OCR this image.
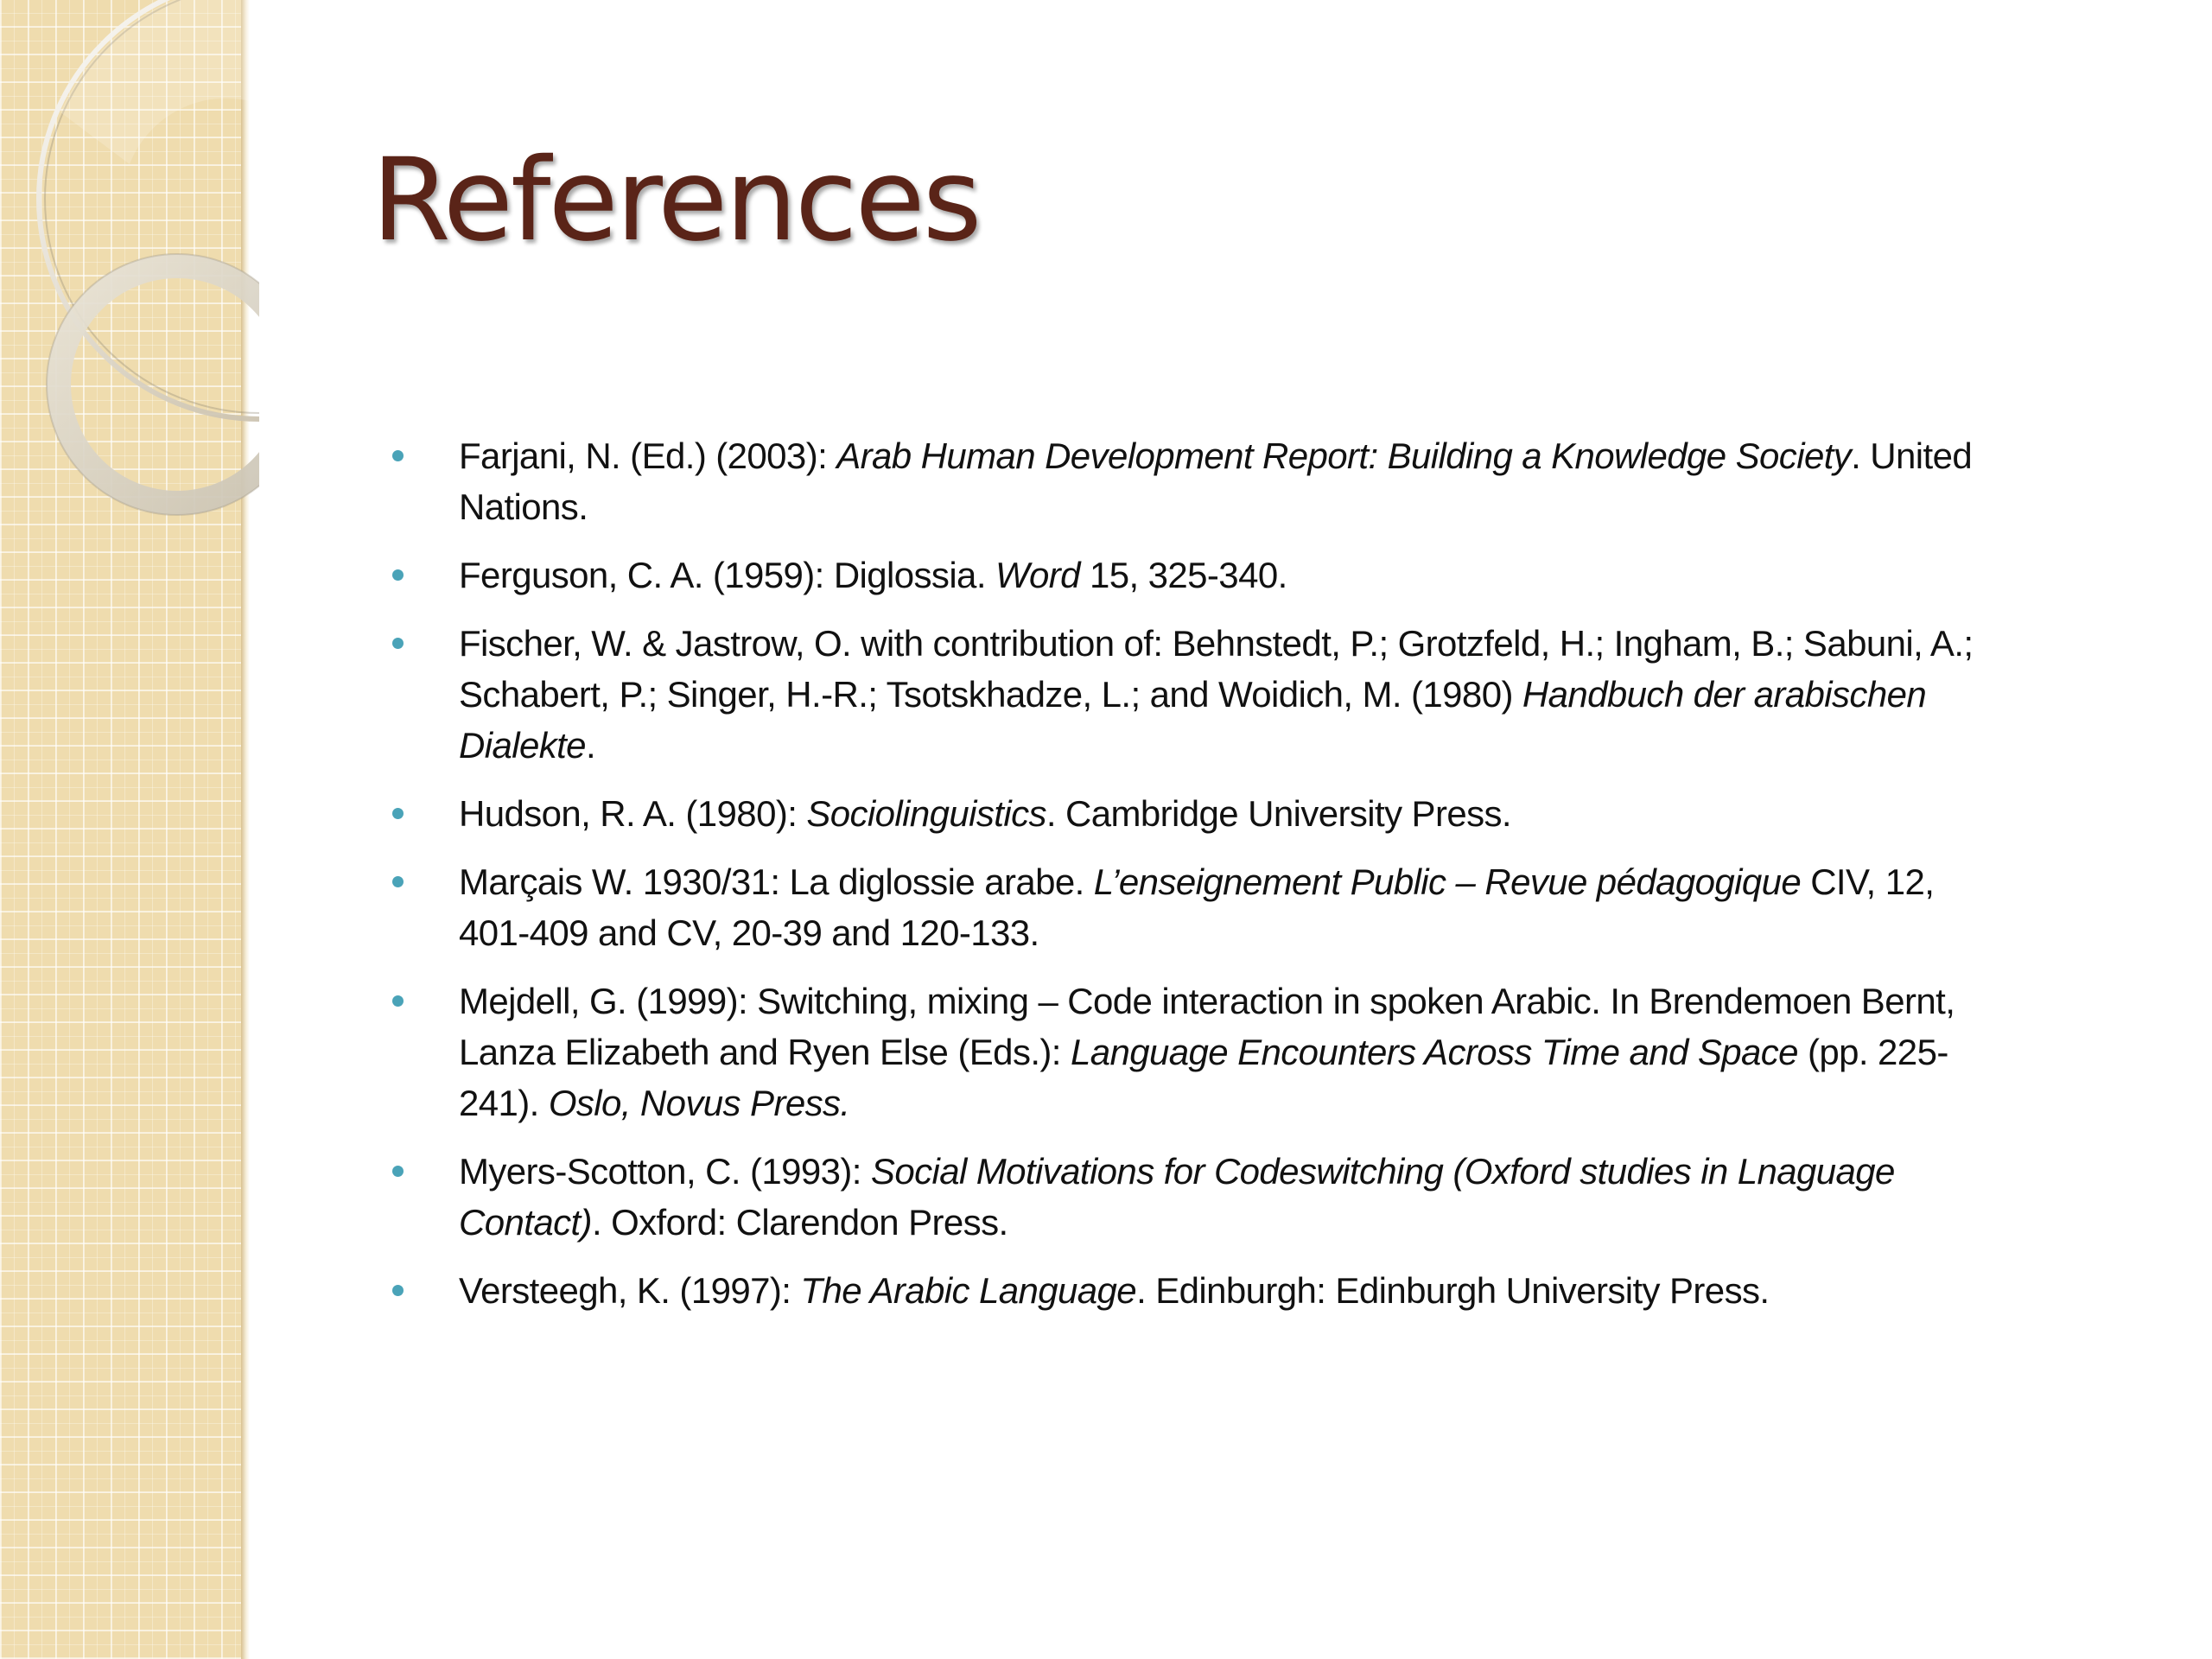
References
Farjani, N. (Ed.) (2003): Arab Human Development Report: Building a Knowledge Society. United Nations.
Ferguson, C. A. (1959): Diglossia. Word 15, 325-340.
Fischer, W. & Jastrow, O. with contribution of: Behnstedt, P.; Grotzfeld, H.; Ingham, B.; Sabuni, A.; Schabert, P.; Singer, H.-R.; Tsotskhadze, L.; and Woidich, M. (1980) Handbuch der arabischen Dialekte.
Hudson, R. A. (1980): Sociolinguistics. Cambridge University Press.
Marçais W. 1930/31: La diglossie arabe. L’enseignement Public – Revue pédagogique CIV, 12, 401-409 and CV, 20-39 and 120-133.
Mejdell, G. (1999): Switching, mixing – Code interaction in spoken Arabic. In Brendemoen Bernt, Lanza Elizabeth and Ryen Else (Eds.): Language Encounters Across Time and Space (pp. 225-241). Oslo, Novus Press.
Myers-Scotton, C. (1993): Social Motivations for Codeswitching (Oxford studies in Lnaguage Contact). Oxford: Clarendon Press.
Versteegh, K. (1997): The Arabic Language. Edinburgh: Edinburgh University Press.
